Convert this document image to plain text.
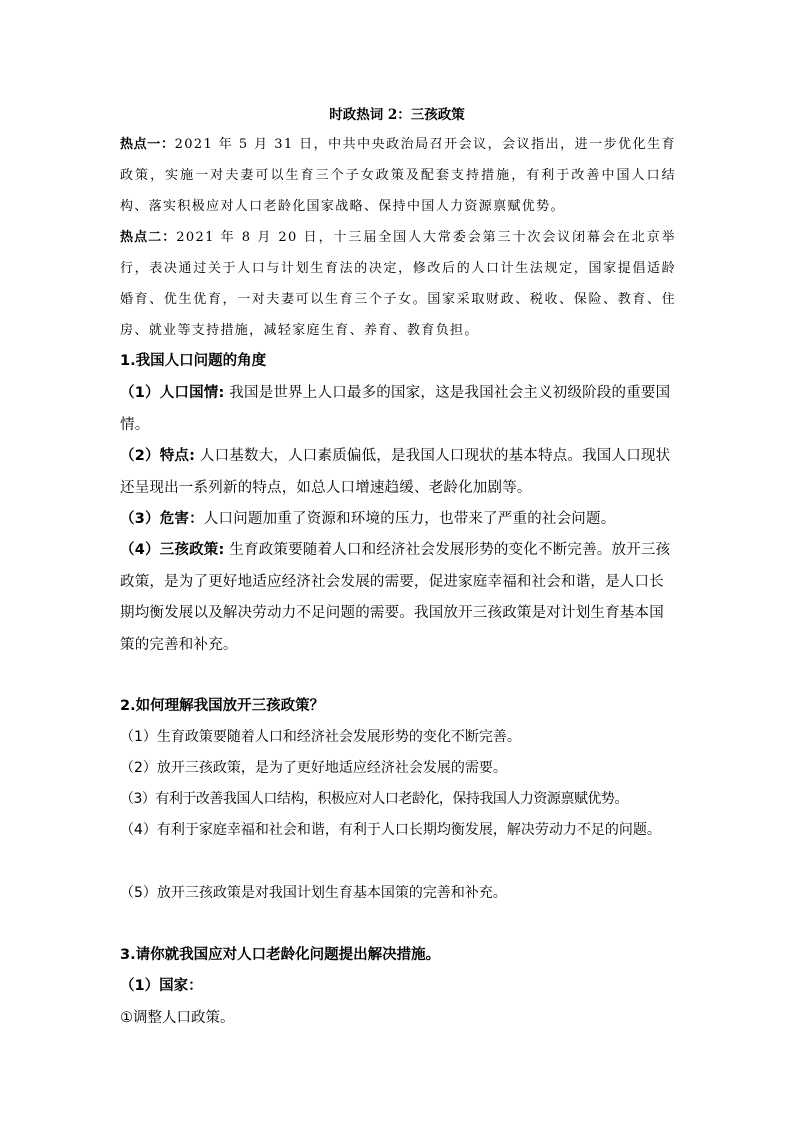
时政热词 2：三孩政策
热点一：2021 年 5 月 31 日，中共中央政治局召开会议，会议指出，进一步优化生育政策，实施一对夫妻可以生育三个子女政策及配套支持措施，有利于改善中国人口结构、落实积极应对人口老龄化国家战略、保持中国人力资源禀赋优势。
热点二：2021 年 8 月 20 日，十三届全国人大常委会第三十次会议闭幕会在北京举行，表决通过关于人口与计划生育法的决定，修改后的人口计生法规定，国家提倡适龄婚育、优生优育，一对夫妻可以生育三个子女。国家采取财政、税收、保险、教育、住房、就业等支持措施，减轻家庭生育、养育、教育负担。
1.我国人口问题的角度
（1）人口国情: 我国是世界上人口最多的国家，这是我国社会主义初级阶段的重要国情。
（2）特点: 人口基数大，人口素质偏低，是我国人口现状的基本特点。我国人口现状还呈现出一系列新的特点，如总人口增速趋缓、老龄化加剧等。
（3）危害：人口问题加重了资源和环境的压力，也带来了严重的社会问题。
（4）三孩政策: 生育政策要随着人口和经济社会发展形势的变化不断完善。放开三孩政策，是为了更好地适应经济社会发展的需要，促进家庭幸福和社会和谐，是人口长期均衡发展以及解决劳动力不足问题的需要。我国放开三孩政策是对计划生育基本国策的完善和补充。
2.如何理解我国放开三孩政策？
（1）生育政策要随着人口和经济社会发展形势的变化不断完善。
（2）放开三孩政策，是为了更好地适应经济社会发展的需要。
（3）有利于改善我国人口结构，积极应对人口老龄化，保持我国人力资源禀赋优势。
（4）有利于家庭幸福和社会和谐，有利于人口长期均衡发展，解决劳动力不足的问题。
（5）放开三孩政策是对我国计划生育基本国策的完善和补充。
3.请你就我国应对人口老龄化问题提出解决措施。
（1）国家：
①调整人口政策。
